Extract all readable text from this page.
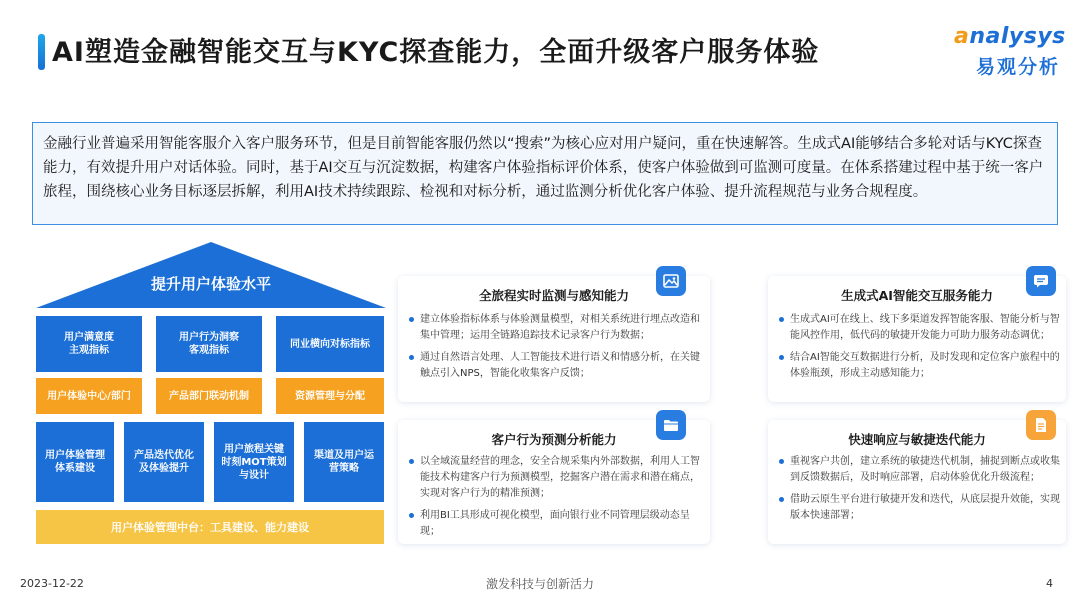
AI塑造金融智能交互与KYC探查能力，全面升级客户服务体验
analysys
易观分析
金融行业普遍采用智能客服介入客户服务环节，但是目前智能客服仍然以“搜索”为核心应对用户疑问，重在快速解答。生成式AI能够结合多轮对话与KYC探查能力，有效提升用户对话体验。同时，基于AI交互与沉淀数据，构建客户体验指标评价体系，使客户体验做到可监测可度量。在体系搭建过程中基于统一客户旅程，围绕核心业务目标逐层拆解，利用AI技术持续跟踪、检视和对标分析，通过监测分析优化客户体验、提升流程规范与业务合规程度。
提升用户体验水平
用户满意度
主观指标
用户行为洞察
客观指标
同业横向对标指标
用户体验中心/部门	产品部门联动机制	资源管理与分配
用户体验管理
体系建设
产品迭代优化
及体验提升
用户旅程关键
时刻MOT策划
与设计
渠道及用户运
营策略
用户体验管理中台：工具建设、能力建设
全旅程实时监测与感知能力
建立体验指标体系与体验测量模型，对相关系统进行埋点改造和集中管理；运用全链路追踪技术记录客户行为数据；
通过自然语言处理、人工智能技术进行语义和情感分析，在关键触点引入NPS，智能化收集客户反馈；
生成式AI智能交互服务能力
生成式AI可在线上、线下多渠道发挥智能客服、智能分析与智能风控作用，低代码的敏捷开发能力可助力服务动态调优；
结合AI智能交互数据进行分析，及时发现和定位客户旅程中的体验瓶颈，形成主动感知能力；
客户行为预测分析能力
以全域流量经营的理念，安全合规采集内外部数据，利用人工智能技术构建客户行为预测模型，挖掘客户潜在需求和潜在痛点，实现对客户行为的精准预测；
利用BI工具形成可视化模型，面向银行业不同管理层级动态呈现；
快速响应与敏捷迭代能力
重视客户共创，建立系统的敏捷迭代机制，捕捉到断点或收集到反馈数据后，及时响应部署，启动体验优化升级流程；
借助云原生平台进行敏捷开发和迭代，从底层提升效能，实现版本快速部署；
2023-12-22	激发科技与创新活力	4
